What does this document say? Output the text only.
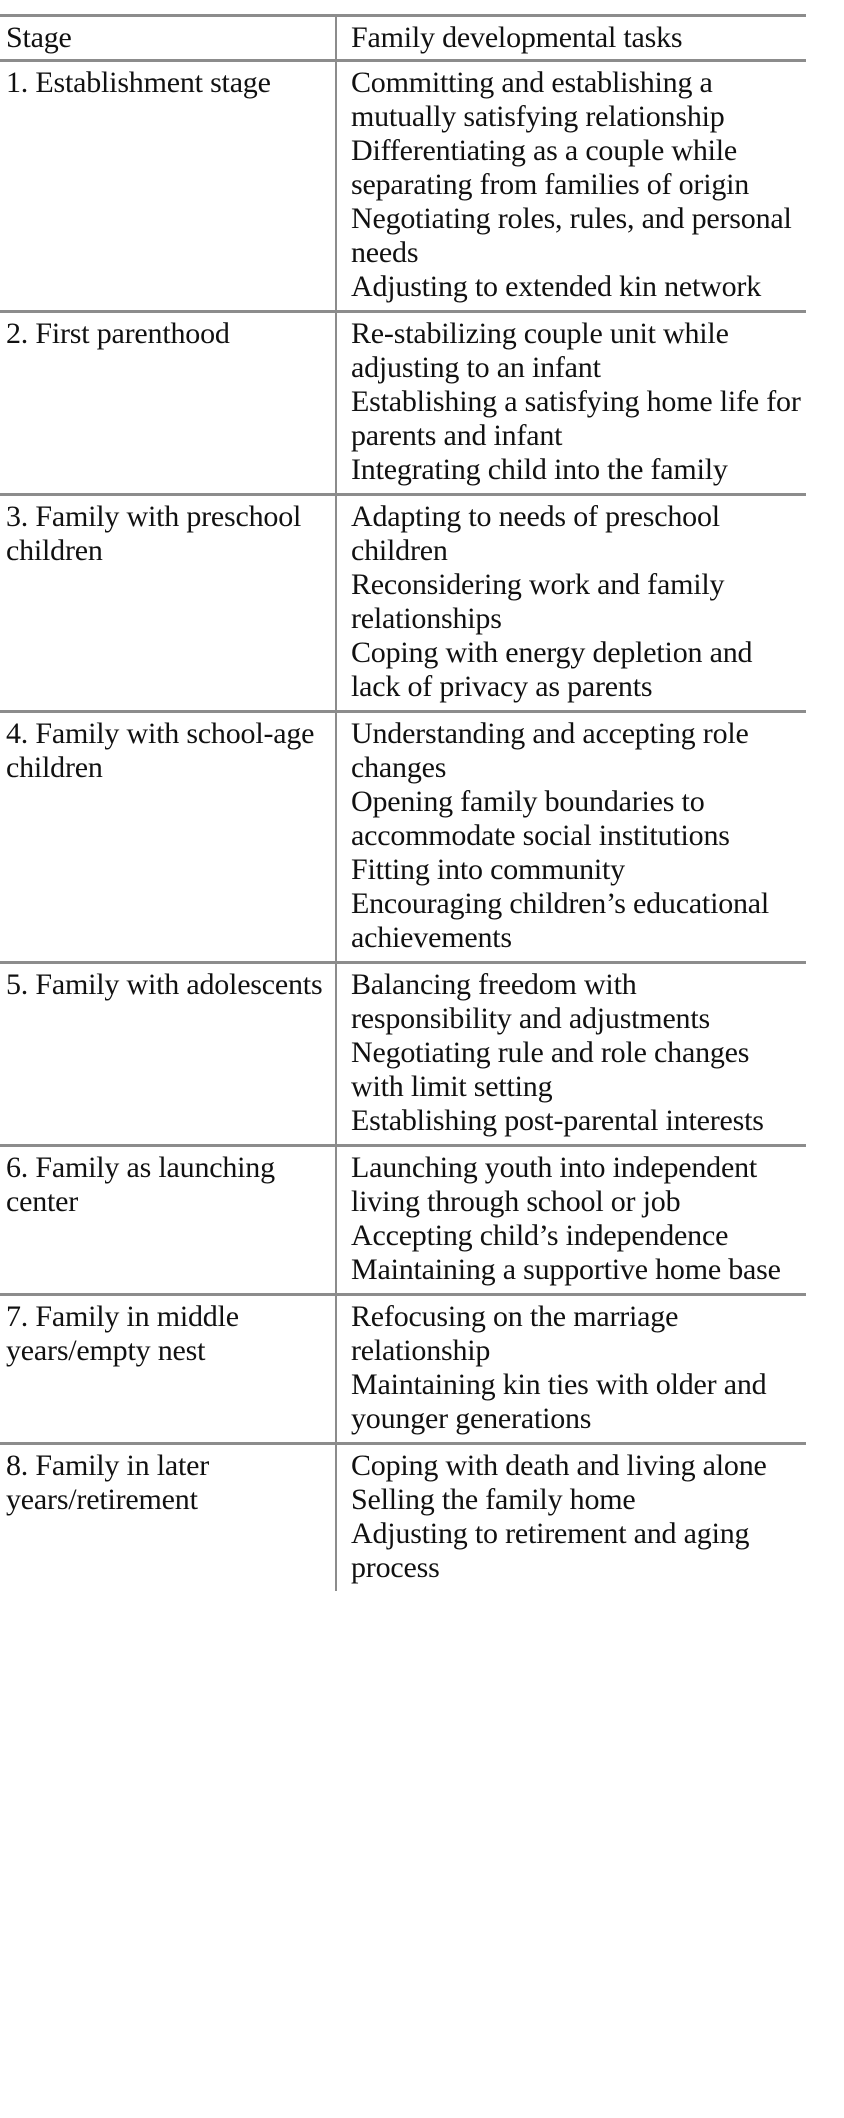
Stage	Family developmental tasks
1. Establishment stage	Committing and establishing a mutually satisfying relationship
Differentiating as a couple while separating from families of origin
Negotiating roles, rules, and personal needs
Adjusting to extended kin network

2. First parenthood	Re-stabilizing couple unit while adjusting to an infant
Establishing a satisfying home life for parents and infant
Integrating child into the family

3. Family with preschool children	Adapting to needs of preschool children
Reconsidering work and family relationships
Coping with energy depletion and lack of privacy as parents

4. Family with school-age children	Understanding and accepting role changes
Opening family boundaries to accommodate social institutions
Fitting into community
Encouraging children’s educational achievements

5. Family with adolescents	Balancing freedom with responsibility and adjustments
Negotiating rule and role changes with limit setting
Establishing post-parental interests

6. Family as launching center	Launching youth into independent living through school or job
Accepting child’s independence
Maintaining a supportive home base

7. Family in middle years/empty nest	Refocusing on the marriage relationship
Maintaining kin ties with older and younger generations

8. Family in later years/retirement	Coping with death and living alone
Selling the family home
Adjusting to retirement and aging process
